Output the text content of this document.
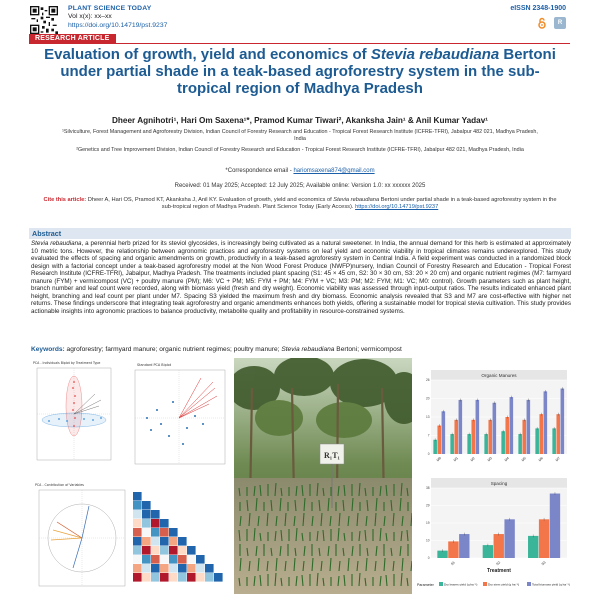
PLANT SCIENCE TODAY
Vol x(x): xx–xx
https://doi.org/10.14719/pst.9237
eISSN 2348-1900
R
RESEARCH ARTICLE
Evaluation of growth, yield and economics of Stevia rebaudiana Bertoni under partial shade in a teak-based agroforestry system in the sub-tropical region of Madhya Pradesh
Dheer Agnihotri¹, Hari Om Saxena¹*, Pramod Kumar Tiwari², Akanksha Jain¹ & Anil Kumar Yadav¹
¹Silviculture, Forest Management and Agroforestry Division, Indian Council of Forestry Research and Education - Tropical Forest Research Institute (ICFRE-TFRI), Jabalpur 482 021, Madhya Pradesh, India
²Genetics and Tree Improvement Division, Indian Council of Forestry Research and Education - Tropical Forest Research Institute (ICFRE-TFRI), Jabalpur 482 021, Madhya Pradesh, India
*Correspondence email - hariomsaxena874@gmail.com
Received: 01 May 2025; Accepted: 12 July 2025; Available online: Version 1.0: xx xxxxxx 2025
Cite this article: Dheer A, Hari OS, Pramod KT, Akanksha J, Anil KY. Evaluation of growth, yield and economics of Stevia rebaudiana Bertoni under partial shade in a teak-based agroforestry system in the sub-tropical region of Madhya Pradesh. Plant Science Today (Early Access). https://doi.org/10.14719/pst.9237
Abstract
Stevia rebaudiana, a perennial herb prized for its steviol glycosides, is increasingly being cultivated as a natural sweetener. In India, the annual demand for this herb is estimated at approximately 10 metric tons. However, the relationship between agronomic practices and agroforestry systems on leaf yield and economic viability in tropical climates remains underexplored. This study evaluated the effects of spacing and organic amendments on growth, productivity in a teak-based agroforestry system in Central India. A field experiment was conducted in a randomized block design with a factorial concept under a teak-based agroforestry model at the Non Wood Forest Produce (NWFP)nursery, Indian Council of Forestry Research and Education - Tropical Forest Research Institute (ICFRE-TFRI), Jabalpur, Madhya Pradesh. The treatments included plant spacing (S1: 45 × 45 cm, S2: 30 × 30 cm, S3: 20 × 20 cm) and organic nutrient regimes (M7: farmyard manure (FYM) + vermicompost (VC) + poultry manure (PM); M6: VC + PM; M5: FYM + PM; M4: FYM + VC; M3: PM; M2: FYM; M1: VC; M0: control). Growth parameters such as plant height, branch number and leaf count were recorded, along with biomass yield (fresh and dry weight). Economic viability was assessed through input-output ratios. The results indicated enhanced plant height, branching and leaf count per plant under M7. Spacing S3 yielded the maximum fresh and dry biomass. Economic analysis revealed that S3 and M7 are cost-effective with higher net returns. These findings underscore that integrating teak agroforestry and organic amendments enhances both yields, offering a sustainable model for tropical stevia cultivation. This study provides actionable insights into agronomic practices to balance productivity, metabolite quality and profitability in resource-constrained systems.
Keywords: agroforestry; farmyard manure; organic nutrient regimes; poultry manure; Stevia rebaudiana Bertoni; vermicompost
PCA - Individuals Biplot by Treatment Type	Standard PCA Biplot
PCA - Contribution of Variables
R₁T₁
Organic Manures
0
7
13
20
26
M0	M1	M2	M3	M4	M5	M6	M7
Spacing
0
10
19
29
38
S1	S2	S3
Treatment
Parameter	Dry leaves yield (q ha⁻¹)	Dry stem yield (q ha⁻¹)	Total biomass yield (q ha⁻¹)
